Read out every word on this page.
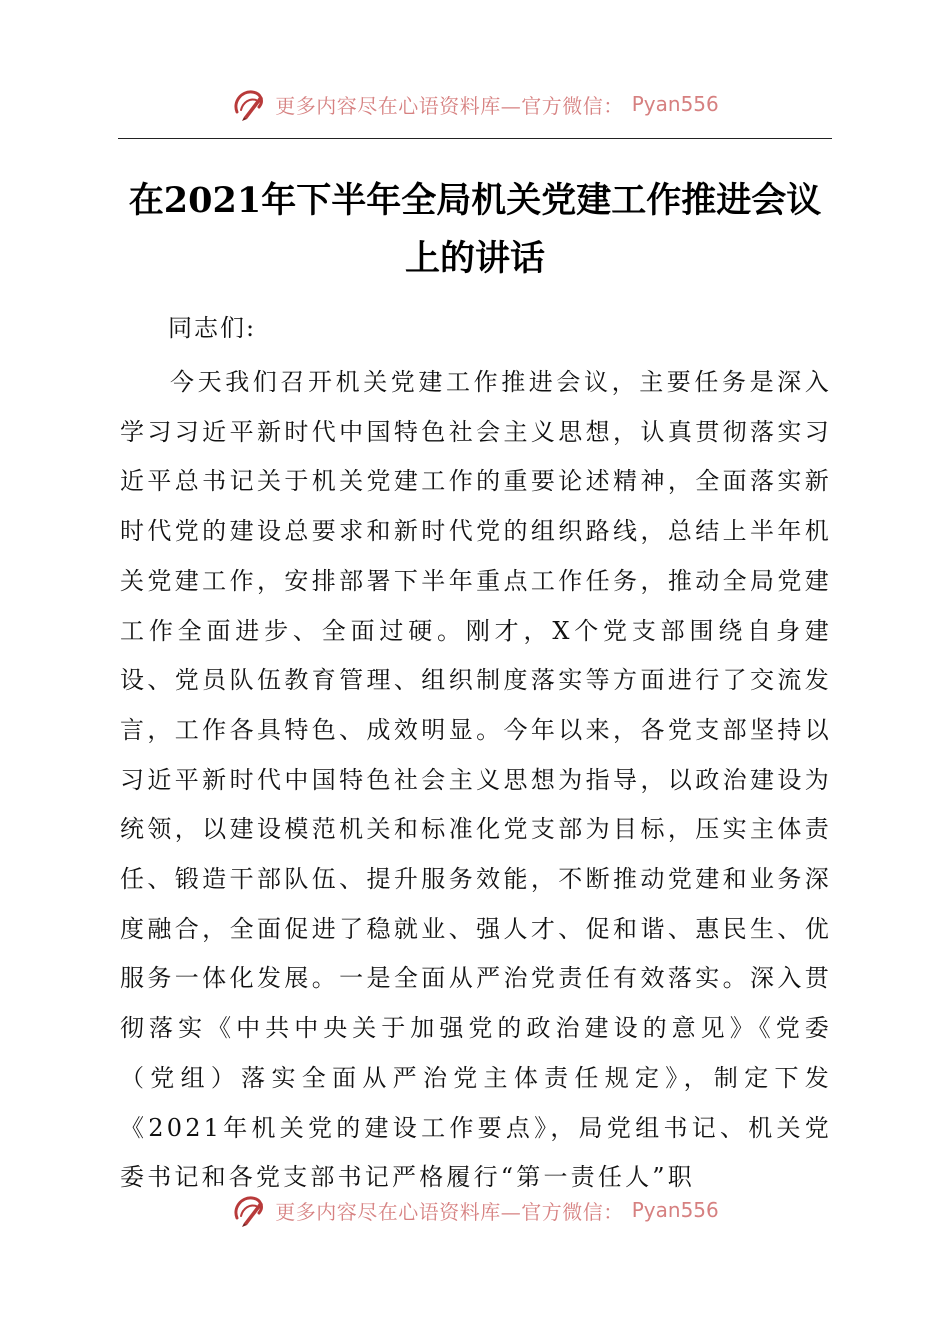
更多内容尽在心语资料库—官方微信： Pyan556
在2021年下半年全局机关党建工作推进会议上的讲话

同志们:

今天我们召开机关党建工作推进会议，主要任务是深入学习习近平新时代中国特色社会主义思想，认真贯彻落实习近平总书记关于机关党建工作的重要论述精神，全面落实新时代党的建设总要求和新时代党的组织路线，总结上半年机关党建工作，安排部署下半年重点工作任务，推动全局党建工作全面进步、全面过硬。刚才，X个党支部围绕自身建设、党员队伍教育管理、组织制度落实等方面进行了交流发言，工作各具特色、成效明显。今年以来，各党支部坚持以习近平新时代中国特色社会主义思想为指导，以政治建设为统领，以建设模范机关和标准化党支部为目标，压实主体责任、锻造干部队伍、提升服务效能，不断推动党建和业务深度融合，全面促进了稳就业、强人才、促和谐、惠民生、优服务一体化发展。一是全面从严治党责任有效落实。深入贯彻落实《中共中央关于加强党的政治建设的意见》《党委（党组）落实全面从严治党主体责任规定》，制定下发《2021年机关党的建设工作要点》，局党组书记、机关党委书记和各党支部书记严格履行“第一责任人”职

更多内容尽在心语资料库—官方微信： Pyan556
